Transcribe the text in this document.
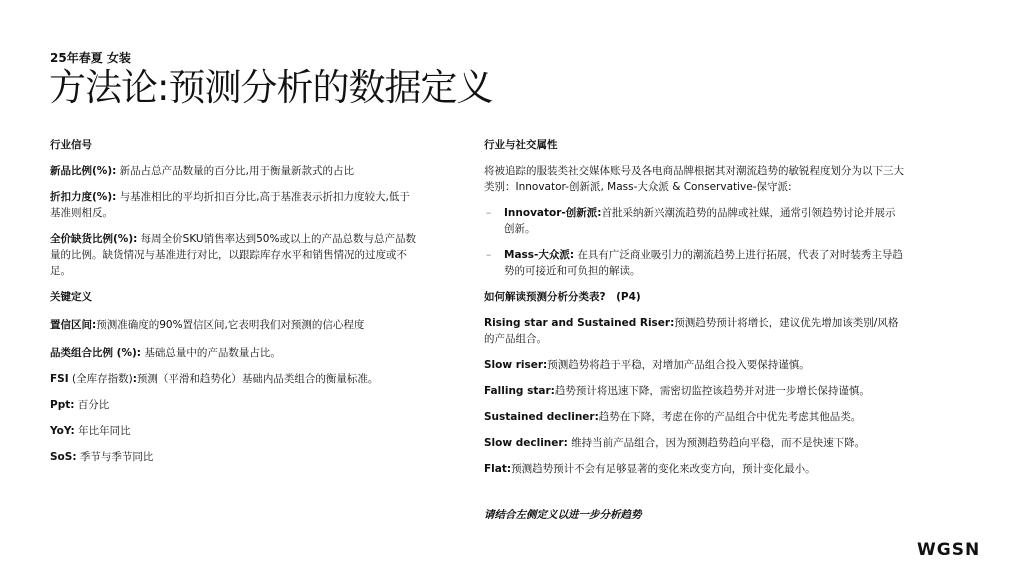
25年春夏 女装
方法论:预测分析的数据定义

行业信号

新品比例(%): 新品占总产品数量的百分比,用于衡量新款式的占比

折扣力度(%): 与基准相比的平均折扣百分比,高于基准表示折扣力度较大,低于基准则相反。

全价缺货比例(%): 每周全价SKU销售率达到50%或以上的产品总数与总产品数量的比例。缺货情况与基准进行对比，以跟踪库存水平和销售情况的过度或不足。

关键定义

置信区间:预测准确度的90%置信区间,它表明我们对预测的信心程度

品类组合比例 (%): 基础总量中的产品数量占比。

FSI (全库存指数):预测（平滑和趋势化）基础内品类组合的衡量标准。

Ppt: 百分比

YoY: 年比年同比

SoS: 季节与季节同比

行业与社交属性

将被追踪的服装类社交媒体账号及各电商品牌根据其对潮流趋势的敏锐程度划分为以下三大类别：Innovator-创新派, Mass-大众派 & Conservative-保守派:

– Innovator-创新派:首批采纳新兴潮流趋势的品牌或社媒，通常引领趋势讨论并展示创新。

– Mass-大众派: 在具有广泛商业吸引力的潮流趋势上进行拓展，代表了对时装秀主导趋势的可接近和可负担的解读。

如何解读预测分析分类表?　(P4)

Rising star and Sustained Riser:预测趋势预计将增长，建议优先增加该类别/风格的产品组合。

Slow riser:预测趋势将趋于平稳，对增加产品组合投入要保持谨慎。

Falling star:趋势预计将迅速下降，需密切监控该趋势并对进一步增长保持谨慎。

Sustained decliner:趋势在下降，考虑在你的产品组合中优先考虑其他品类。

Slow decliner: 维持当前产品组合，因为预测趋势趋向平稳，而不是快速下降。

Flat:预测趋势预计不会有足够显著的变化来改变方向，预计变化最小。

请结合左侧定义以进一步分析趋势

WGSN
